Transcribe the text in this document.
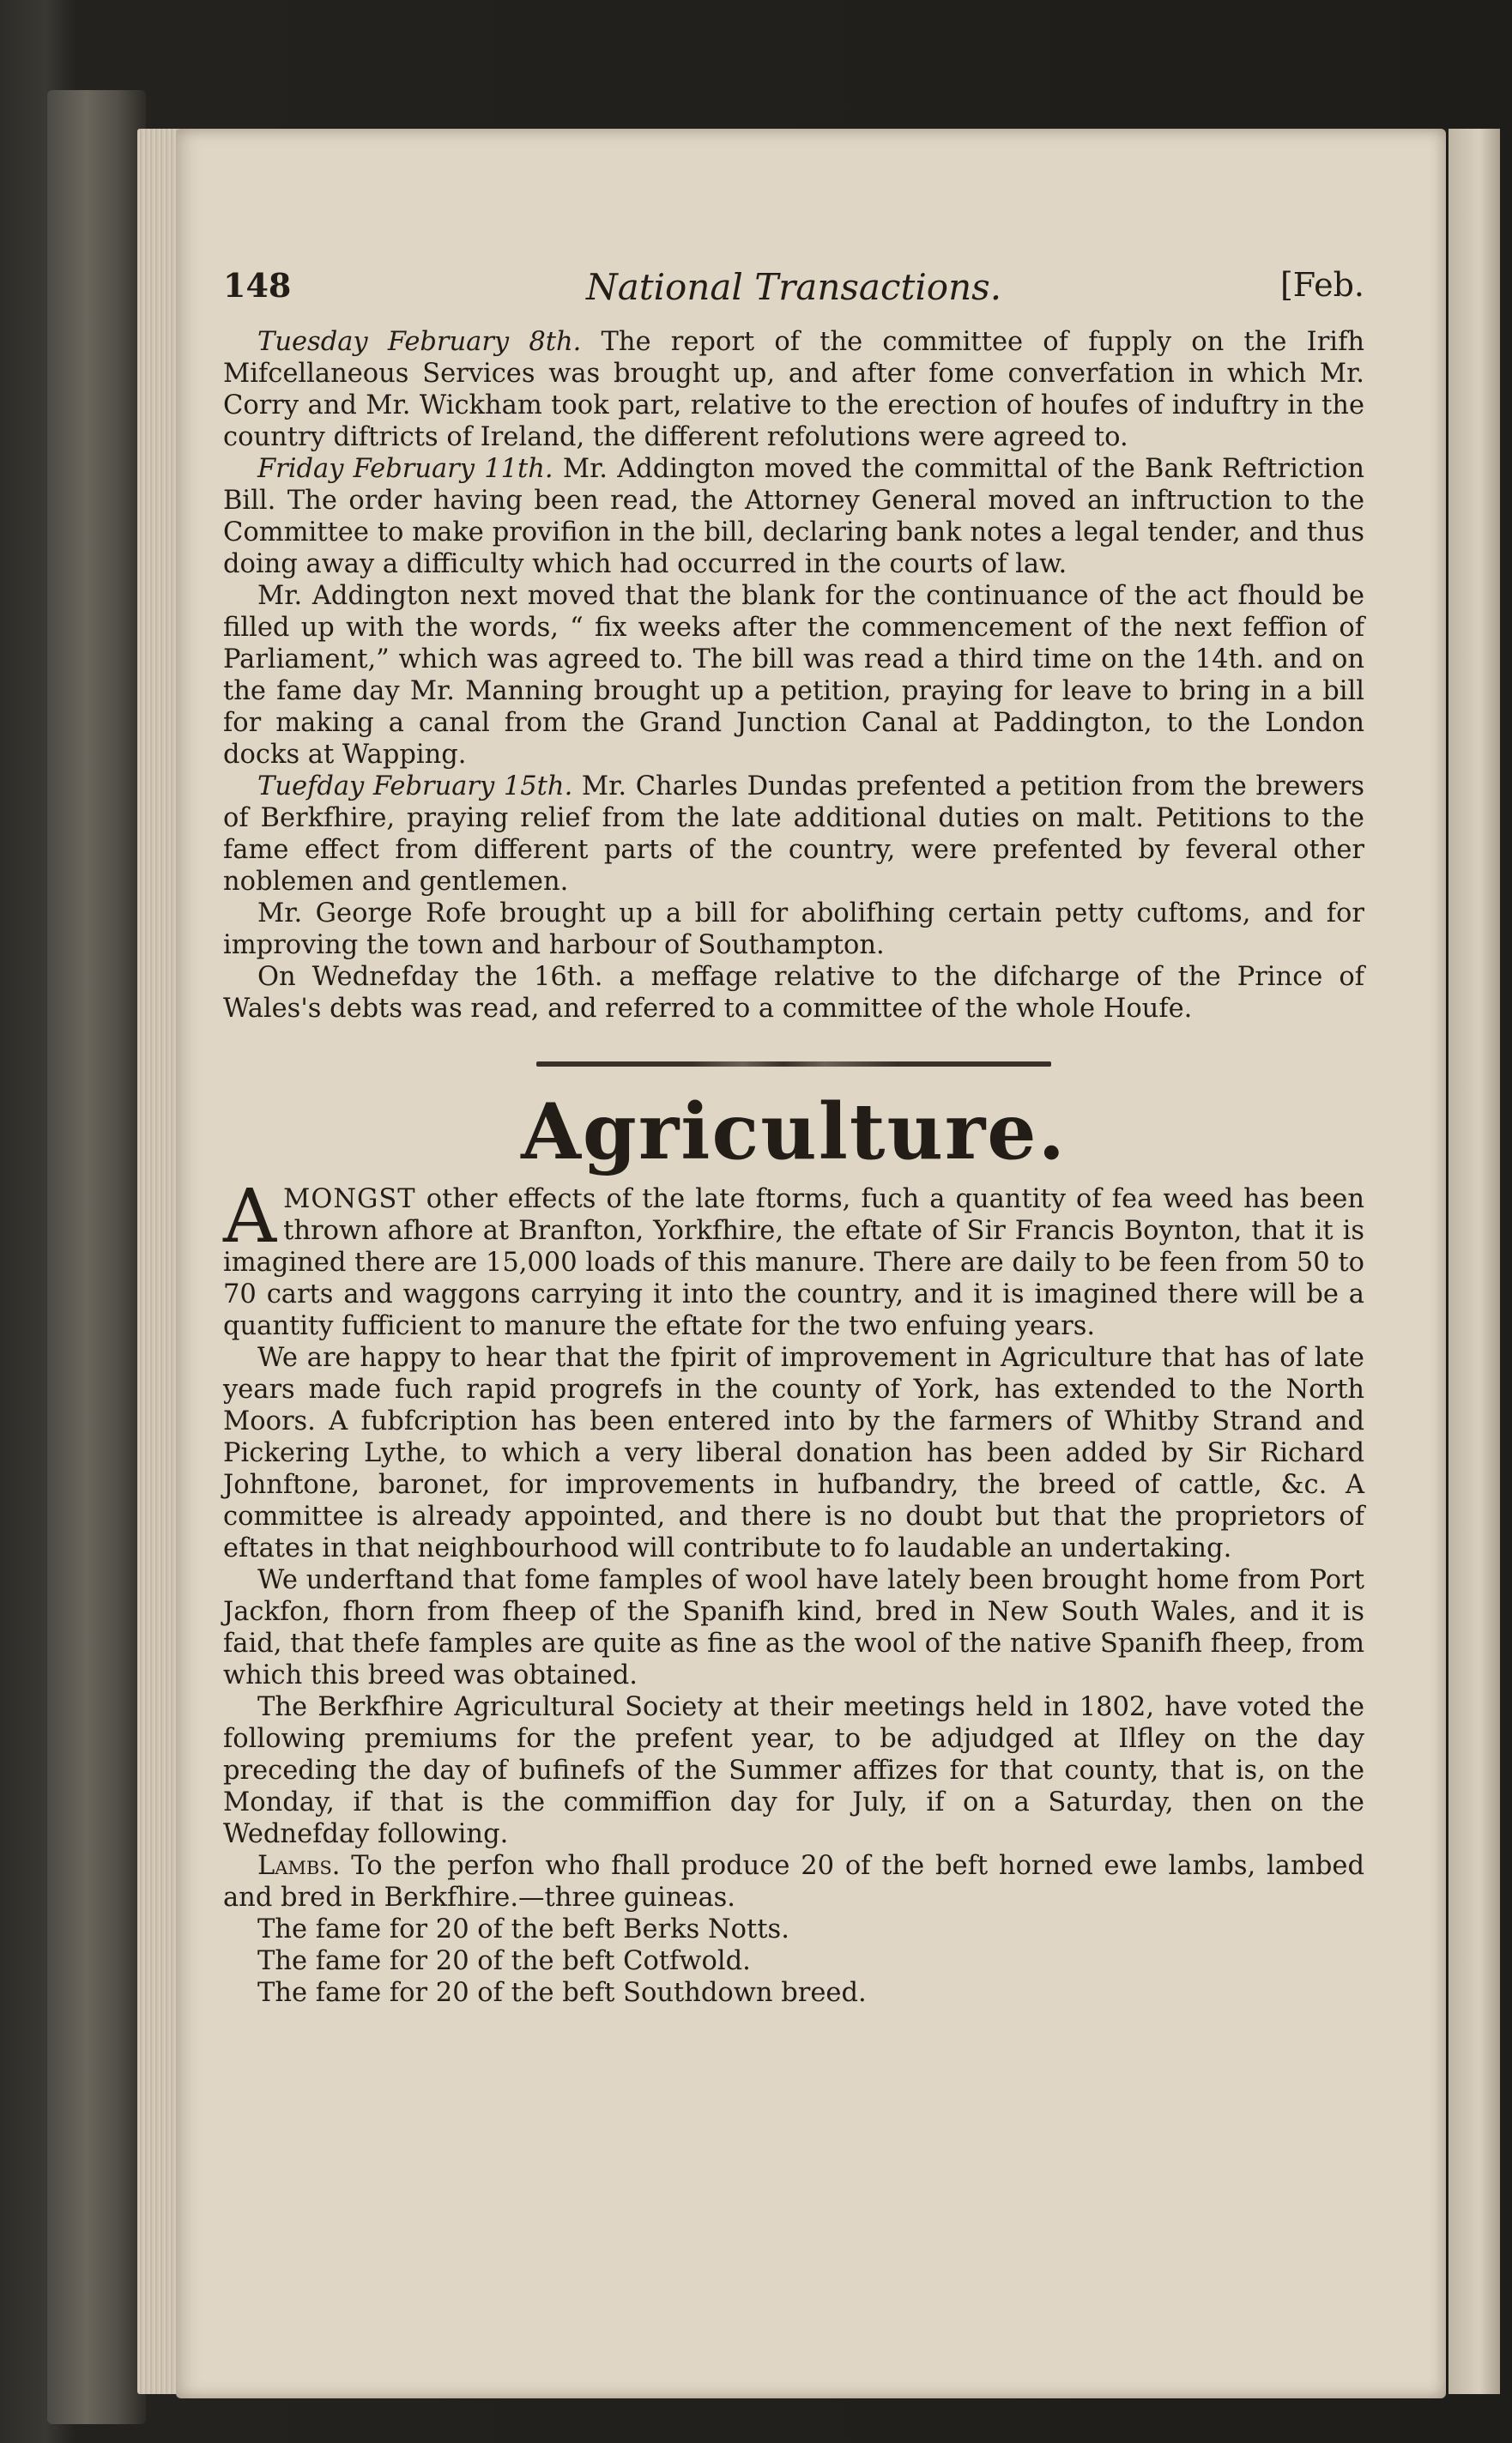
148	National Transactions.	[Feb.

Tuesday February 8th. The report of the committee of fupply on the Irifh Mifcellaneous Services was brought up, and after fome converfation in which Mr. Corry and Mr. Wickham took part, relative to the erection of houfes of induftry in the country diftricts of Ireland, the different refolutions were agreed to.

Friday February 11th. Mr. Addington moved the committal of the Bank Reftriction Bill. The order having been read, the Attorney General moved an inftruction to the Committee to make provifion in the bill, declaring bank notes a legal tender, and thus doing away a difficulty which had occurred in the courts of law.

Mr. Addington next moved that the blank for the continuance of the act fhould be filled up with the words, “ fix weeks after the commencement of the next feffion of Parliament,” which was agreed to. The bill was read a third time on the 14th. and on the fame day Mr. Manning brought up a petition, praying for leave to bring in a bill for making a canal from the Grand Junction Canal at Paddington, to the London docks at Wapping.

Tuefday February 15th. Mr. Charles Dundas prefented a petition from the brewers of Berkfhire, praying relief from the late additional duties on malt. Petitions to the fame effect from different parts of the country, were prefented by feveral other noblemen and gentlemen.

Mr. George Rofe brought up a bill for abolifhing certain petty cuftoms, and for improving the town and harbour of Southampton.

On Wednefday the 16th. a meffage relative to the difcharge of the Prince of Wales's debts was read, and referred to a committee of the whole Houfe.

Agriculture.

AMONGST other effects of the late ftorms, fuch a quantity of fea weed has been thrown afhore at Branfton, Yorkfhire, the eftate of Sir Francis Boynton, that it is imagined there are 15,000 loads of this manure. There are daily to be feen from 50 to 70 carts and waggons carrying it into the country, and it is imagined there will be a quantity fufficient to manure the eftate for the two enfuing years.

We are happy to hear that the fpirit of improvement in Agriculture that has of late years made fuch rapid progrefs in the county of York, has extended to the North Moors. A fubfcription has been entered into by the farmers of Whitby Strand and Pickering Lythe, to which a very liberal donation has been added by Sir Richard Johnftone, baronet, for improvements in hufbandry, the breed of cattle, &c. A committee is already appointed, and there is no doubt but that the proprietors of eftates in that neighbourhood will contribute to fo laudable an undertaking.

We underftand that fome famples of wool have lately been brought home from Port Jackfon, fhorn from fheep of the Spanifh kind, bred in New South Wales, and it is faid, that thefe famples are quite as fine as the wool of the native Spanifh fheep, from which this breed was obtained.

The Berkfhire Agricultural Society at their meetings held in 1802, have voted the following premiums for the prefent year, to be adjudged at Ilfley on the day preceding the day of bufinefs of the Summer affizes for that county, that is, on the Monday, if that is the commiffion day for July, if on a Saturday, then on the Wednefday following.

Lambs. To the perfon who fhall produce 20 of the beft horned ewe lambs, lambed and bred in Berkfhire.—three guineas.

The fame for 20 of the beft Berks Notts.

The fame for 20 of the beft Cotfwold.

The fame for 20 of the beft Southdown breed.
